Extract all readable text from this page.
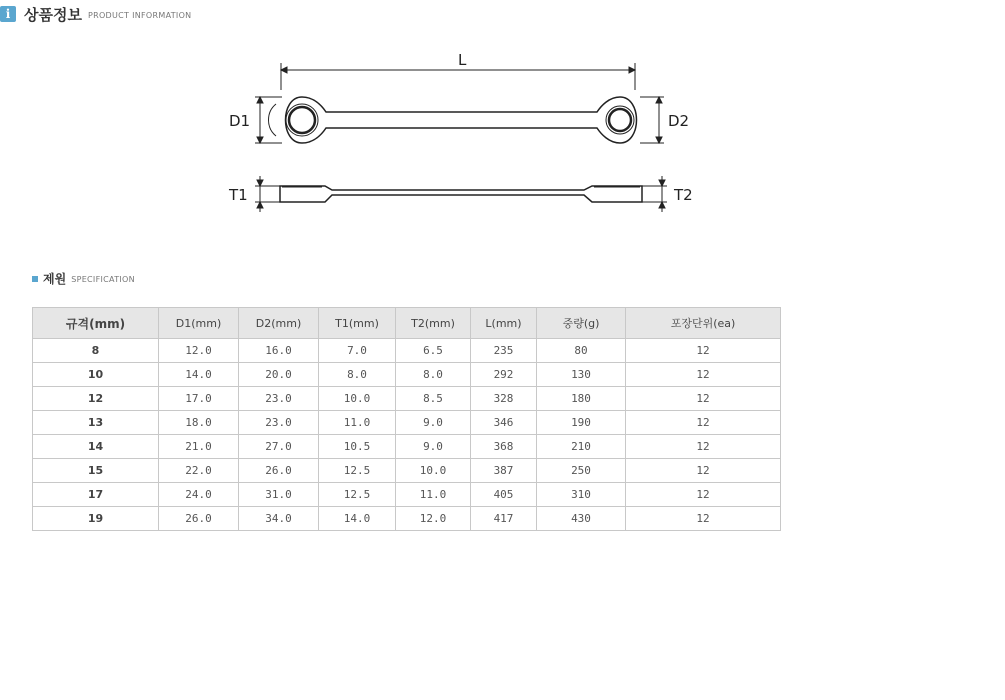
i 상품정보 PRODUCT INFORMATION
L
D1	D2
T1	T2
제원 SPECIFICATION
규격(mm)	D1(mm)	D2(mm)	T1(mm)	T2(mm)	L(mm)	중량(g)	포장단위(ea)
8	12.0	16.0	7.0	6.5	235	80	12
10	14.0	20.0	8.0	8.0	292	130	12
12	17.0	23.0	10.0	8.5	328	180	12
13	18.0	23.0	11.0	9.0	346	190	12
14	21.0	27.0	10.5	9.0	368	210	12
15	22.0	26.0	12.5	10.0	387	250	12
17	24.0	31.0	12.5	11.0	405	310	12
19	26.0	34.0	14.0	12.0	417	430	12
